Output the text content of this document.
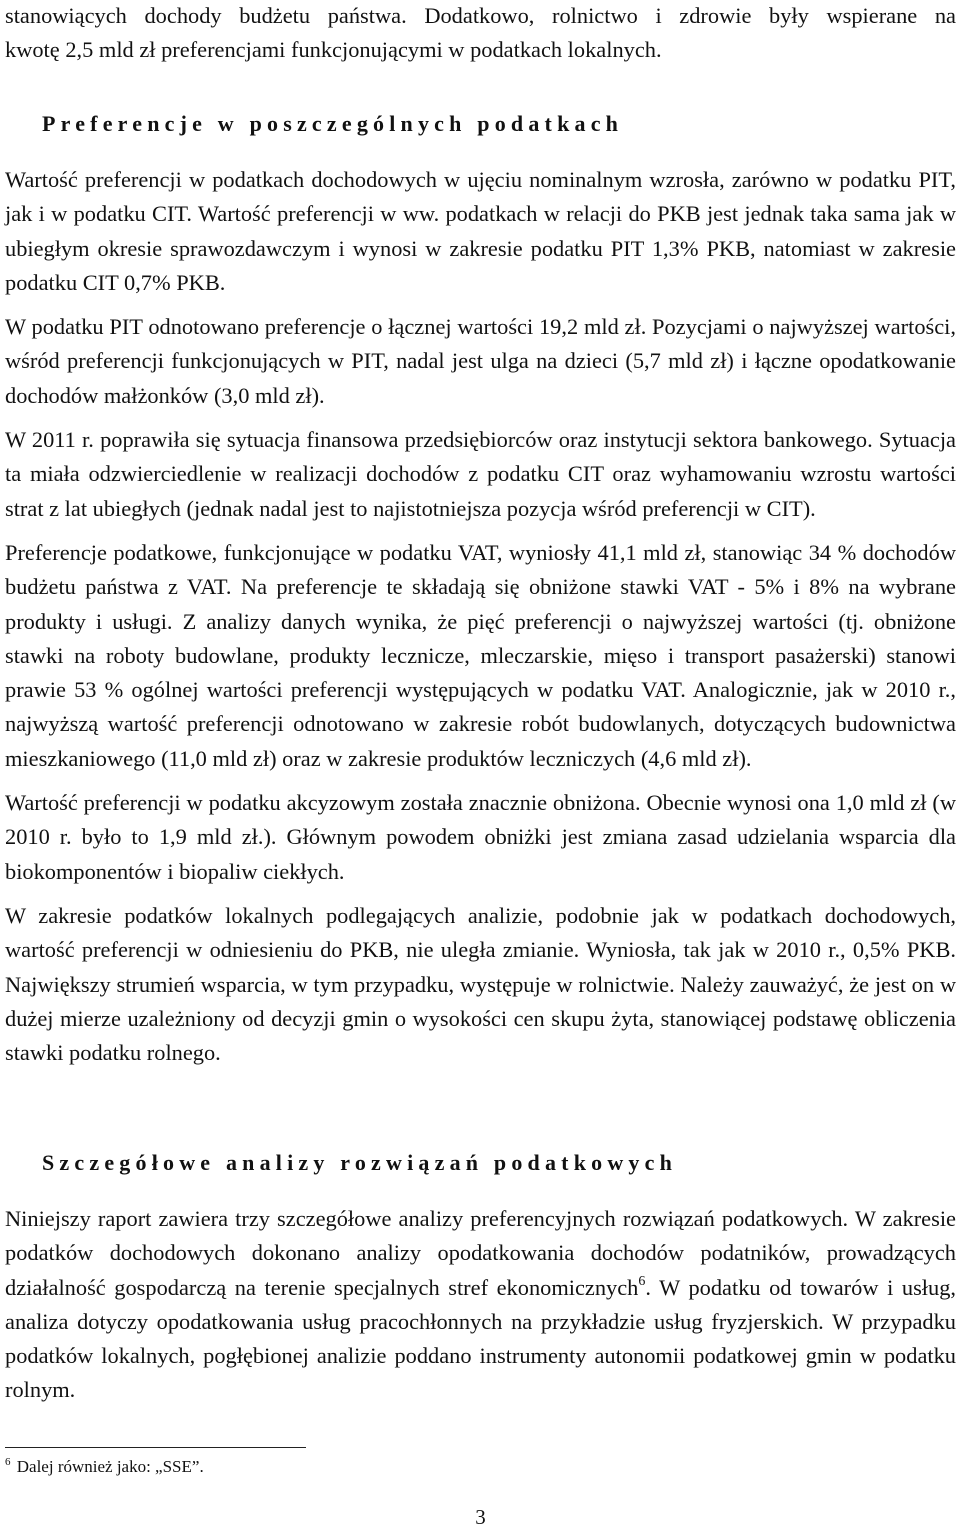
stanowiących dochody budżetu państwa. Dodatkowo, rolnictwo i zdrowie były wspierane na
kwotę 2,5 mld zł preferencjami funkcjonującymi w podatkach lokalnych.

Preferencje w poszczególnych podatkach

Wartość preferencji w podatkach dochodowych w ujęciu nominalnym wzrosła, zarówno w podatku PIT, jak i w podatku CIT. Wartość preferencji w ww. podatkach w relacji do PKB jest jednak taka sama jak w ubiegłym okresie sprawozdawczym i wynosi w zakresie podatku PIT 1,3% PKB, natomiast w zakresie podatku CIT 0,7% PKB.

W podatku PIT odnotowano preferencje o łącznej wartości 19,2 mld zł. Pozycjami o najwyższej wartości, wśród preferencji funkcjonujących w PIT, nadal jest ulga na dzieci (5,7 mld zł) i łączne opodatkowanie dochodów małżonków (3,0 mld zł).

W 2011 r. poprawiła się sytuacja finansowa przedsiębiorców oraz instytucji sektora bankowego. Sytuacja ta miała odzwierciedlenie w realizacji dochodów z podatku CIT oraz wyhamowaniu wzrostu wartości strat z lat ubiegłych (jednak nadal jest to najistotniejsza pozycja wśród preferencji w CIT).

Preferencje podatkowe, funkcjonujące w podatku VAT, wyniosły 41,1 mld zł, stanowiąc 34 % dochodów budżetu państwa z VAT. Na preferencje te składają się obniżone stawki VAT - 5% i 8% na wybrane produkty i usługi. Z analizy danych wynika, że pięć preferencji o najwyższej wartości (tj. obniżone stawki na roboty budowlane, produkty lecznicze, mleczarskie, mięso i transport pasażerski) stanowi prawie 53 % ogólnej wartości preferencji występujących w podatku VAT. Analogicznie, jak w 2010 r., najwyższą wartość preferencji odnotowano w zakresie robót budowlanych, dotyczących budownictwa mieszkaniowego (11,0 mld zł) oraz w zakresie produktów leczniczych (4,6 mld zł).

Wartość preferencji w podatku akcyzowym została znacznie obniżona. Obecnie wynosi ona 1,0 mld zł (w 2010 r. było to 1,9 mld zł.). Głównym powodem obniżki jest zmiana zasad udzielania wsparcia dla biokomponentów i biopaliw ciekłych.

W zakresie podatków lokalnych podlegających analizie, podobnie jak w podatkach dochodowych, wartość preferencji w odniesieniu do PKB, nie uległa zmianie. Wyniosła, tak jak w 2010 r., 0,5% PKB. Największy strumień wsparcia, w tym przypadku, występuje w rolnictwie. Należy zauważyć, że jest on w dużej mierze uzależniony od decyzji gmin o wysokości cen skupu żyta, stanowiącej podstawę obliczenia stawki podatku rolnego.

Szczegółowe analizy rozwiązań podatkowych

Niniejszy raport zawiera trzy szczegółowe analizy preferencyjnych rozwiązań podatkowych. W zakresie podatków dochodowych dokonano analizy opodatkowania dochodów podatników, prowadzących działalność gospodarczą na terenie specjalnych stref ekonomicznych$^6$. W podatku od towarów i usług, analiza dotyczy opodatkowania usług pracochłonnych na przykładzie usług fryzjerskich. W przypadku podatków lokalnych, pogłębionej analizie poddano instrumenty autonomii podatkowej gmin w podatku rolnym.

$^6$ Dalej również jako: „SSE”.

3
